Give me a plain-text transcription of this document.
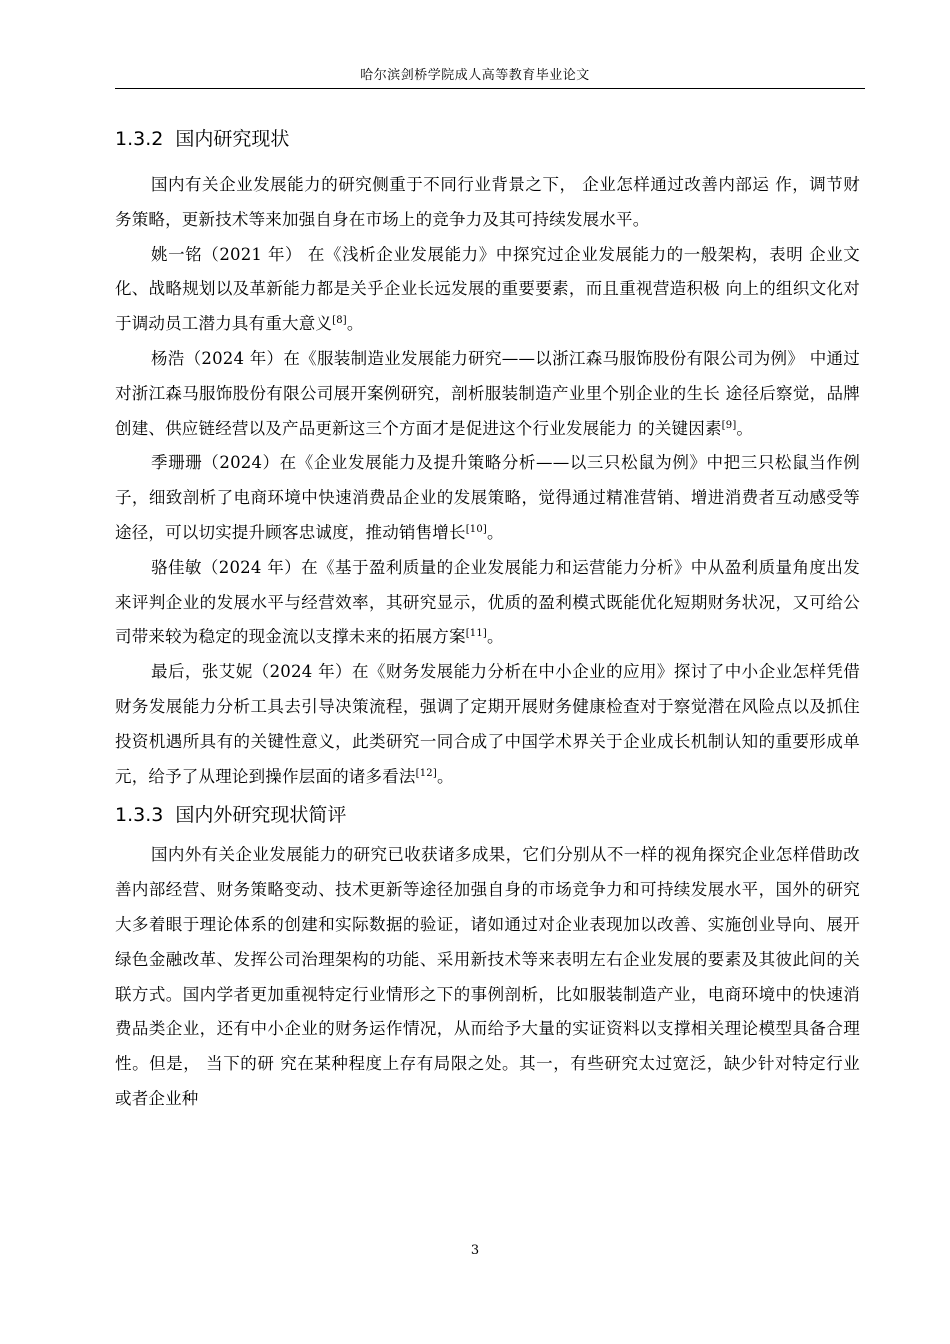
哈尔滨剑桥学院成人高等教育毕业论文
1.3.2 国内研究现状

国内有关企业发展能力的研究侧重于不同行业背景之下， 企业怎样通过改善内部运 作，调节财务策略，更新技术等来加强自身在市场上的竞争力及其可持续发展水平。

姚一铭（2021 年） 在《浅析企业发展能力》中探究过企业发展能力的一般架构，表明 企业文化、战略规划以及革新能力都是关乎企业长远发展的重要要素，而且重视营造积极 向上的组织文化对于调动员工潜力具有重大意义[8]。

杨浩（2024 年）在《服装制造业发展能力研究——以浙江森马服饰股份有限公司为例》 中通过对浙江森马服饰股份有限公司展开案例研究，剖析服装制造产业里个别企业的生长 途径后察觉，品牌创建、供应链经营以及产品更新这三个方面才是促进这个行业发展能力 的关键因素[9]。

季珊珊（2024）在《企业发展能力及提升策略分析——以三只松鼠为例》中把三只松鼠当作例子，细致剖析了电商环境中快速消费品企业的发展策略，觉得通过精准营销、增进消费者互动感受等途径，可以切实提升顾客忠诚度，推动销售增长[10]。

骆佳敏（2024 年）在《基于盈利质量的企业发展能力和运营能力分析》中从盈利质量角度出发来评判企业的发展水平与经营效率，其研究显示，优质的盈利模式既能优化短期财务状况，又可给公司带来较为稳定的现金流以支撑未来的拓展方案[11]。

最后，张艾妮（2024 年）在《财务发展能力分析在中小企业的应用》探讨了中小企业怎样凭借财务发展能力分析工具去引导决策流程，强调了定期开展财务健康检查对于察觉潜在风险点以及抓住投资机遇所具有的关键性意义，此类研究一同合成了中国学术界关于企业成长机制认知的重要形成单元，给予了从理论到操作层面的诸多看法[12]。

1.3.3 国内外研究现状简评

国内外有关企业发展能力的研究已收获诸多成果，它们分别从不一样的视角探究企业怎样借助改善内部经营、财务策略变动、技术更新等途径加强自身的市场竞争力和可持续发展水平，国外的研究大多着眼于理论体系的创建和实际数据的验证，诸如通过对企业表现加以改善、实施创业导向、展开绿色金融改革、发挥公司治理架构的功能、采用新技术等来表明左右企业发展的要素及其彼此间的关联方式。国内学者更加重视特定行业情形之下的事例剖析，比如服装制造产业，电商环境中的快速消费品类企业，还有中小企业的财务运作情况，从而给予大量的实证资料以支撑相关理论模型具备合理性。但是， 当下的研 究在某种程度上存有局限之处。其一，有些研究太过宽泛，缺少针对特定行业或者企业种

3
